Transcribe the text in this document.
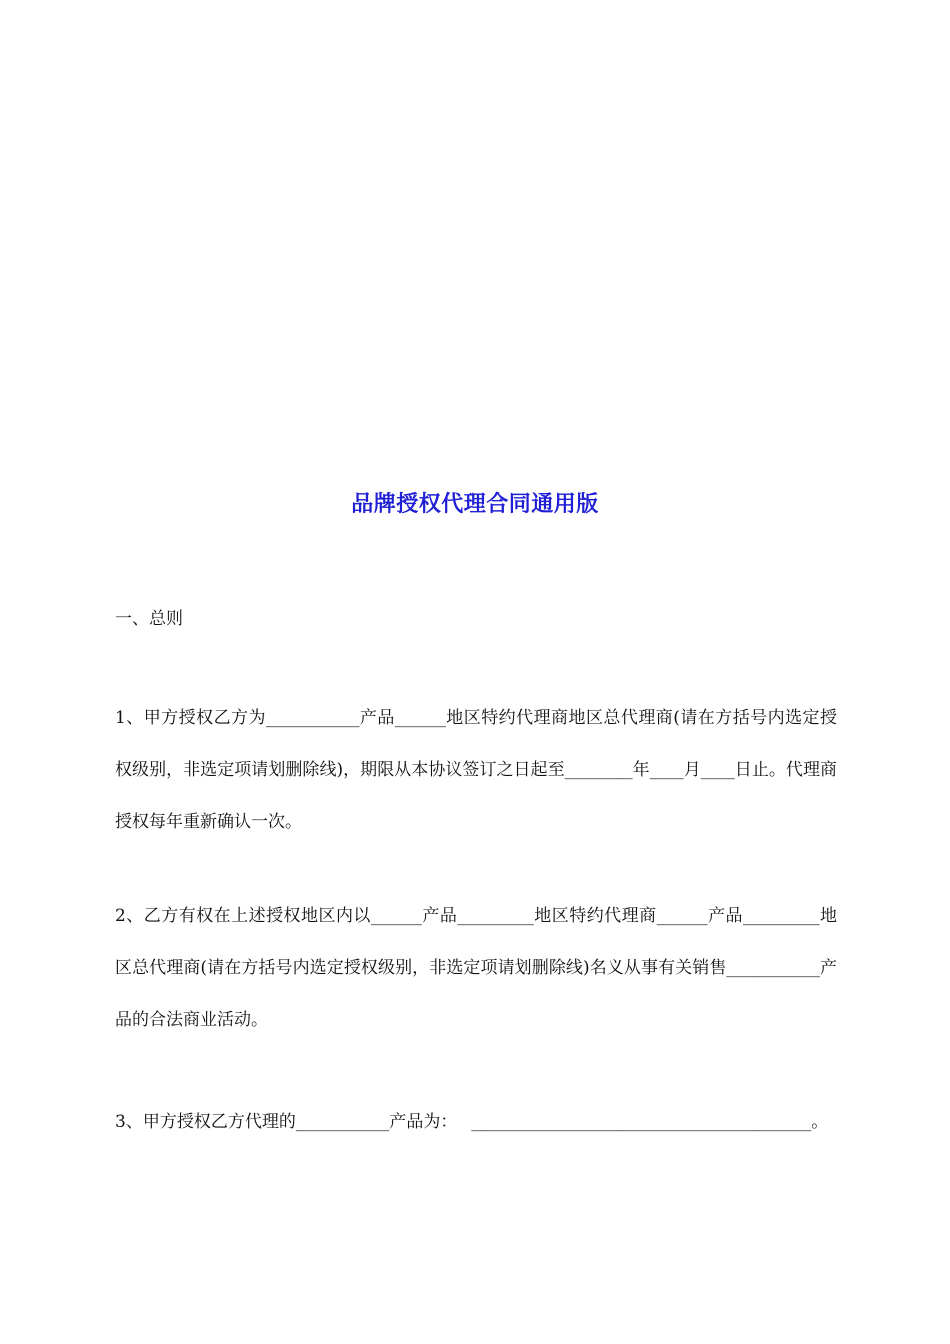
品牌授权代理合同通用版

一、总则

1、甲方授权乙方为___________产品______地区特约代理商地区总代理商(请在方括号内选定授权级别，非选定项请划删除线)，期限从本协议签订之日起至________年____月____日止。代理商授权每年重新确认一次。

2、乙方有权在上述授权地区内以______产品_________地区特约代理商______产品_________地区总代理商(请在方括号内选定授权级别，非选定项请划删除线)名义从事有关销售___________产品的合法商业活动。

3、甲方授权乙方代理的___________产品为：　 ________________________________________。
